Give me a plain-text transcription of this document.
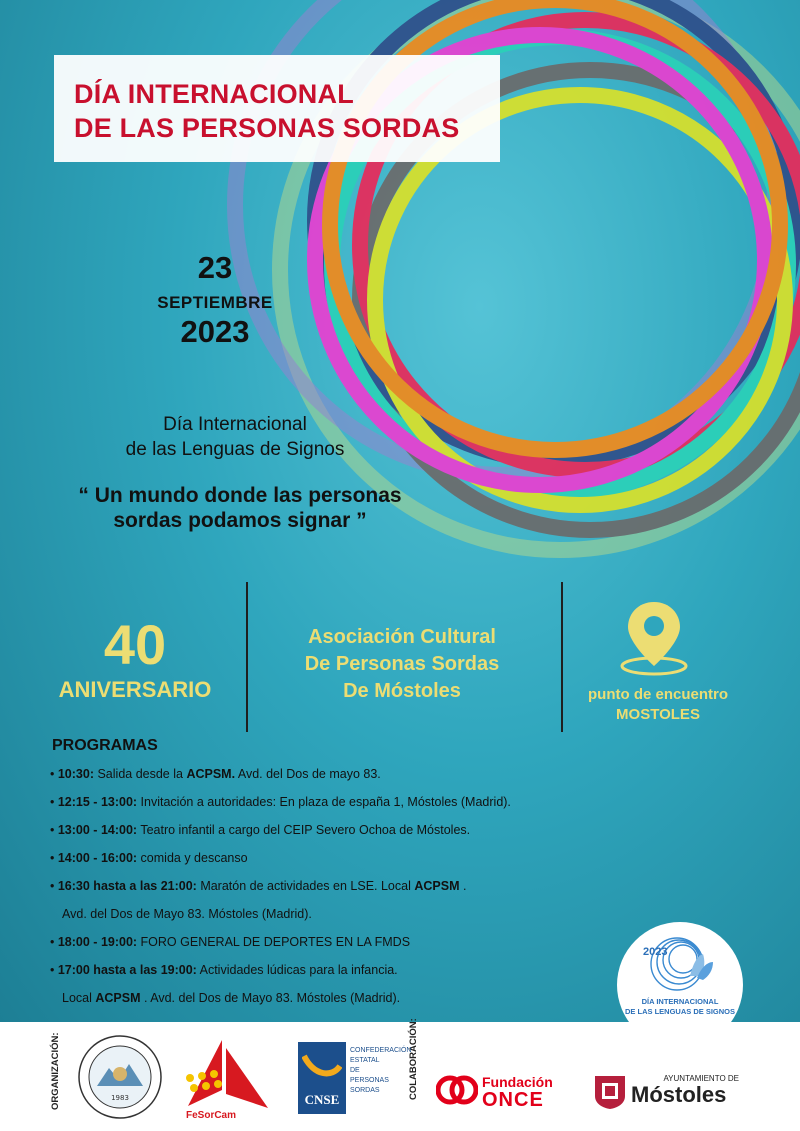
DÍA INTERNACIONAL
DE LAS PERSONAS SORDAS
23
SEPTIEMBRE
2023
Día Internacional
de las Lenguas de Signos
“ Un mundo donde las personas
sordas podamos signar ”
40
ANIVERSARIO
Asociación Cultural
De Personas Sordas
De Móstoles	punto de encuentro
MOSTOLES
PROGRAMAS
• 10:30: Salida desde la ACPSM. Avd. del Dos de mayo 83.
• 12:15 - 13:00: Invitación a autoridades: En plaza de españa 1, Móstoles (Madrid).
• 13:00 - 14:00: Teatro infantil a cargo del CEIP Severo Ochoa de Móstoles.
• 14:00 - 16:00: comida y descanso
• 16:30 hasta a las 21:00: Maratón de actividades en LSE. Local ACPSM .
Avd. del Dos de Mayo 83. Móstoles (Madrid).
• 18:00 - 19:00: FORO GENERAL DE DEPORTES EN LA FMDS
• 17:00 hasta a las 19:00: Actividades lúdicas para la infancia.
Local ACPSM . Avd. del Dos de Mayo 83. Móstoles (Madrid).
2023
DÍA INTERNACIONAL
DE LAS LENGUAS DE SIGNOS
ORGANIZACIÓN:	COLABORACIÓN:
1983
FeSorCam
CNSE
CONFEDERACIÓN ESTATAL
DE PERSONAS SORDAS
Fundación
ONCE
AYUNTAMIENTO DE
Móstoles
